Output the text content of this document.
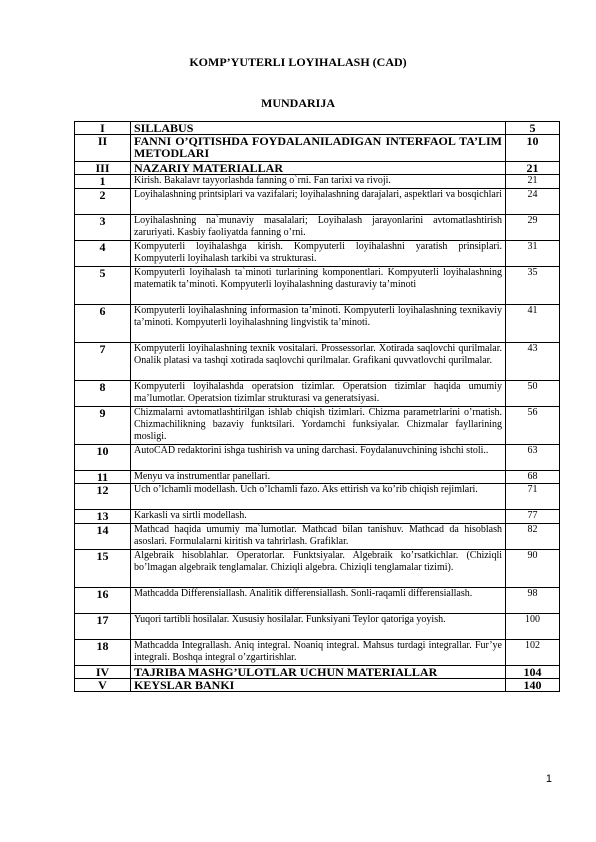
KOMP’YUTERLI LOYIHALASH (CAD)
MUNDARIJA
I	SILLABUS	5
II	FANNI O’QITISHDA FOYDALANILADIGAN INTERFAOL TA’LIM METODLARI	10
III	NAZARIY MATERIALLAR	21
1	Kirish. Bakalavr tayyorlashda fanning o`rni. Fan tarixi va rivoji.	21
2	Loyihalashning printsiplari va vazifalari; loyihalashning darajalari, aspektlari va bosqichlari	24
3	Loyihalashning na`munaviy masalalari; Loyihalash jarayonlarini avtomatlashtirish zaruriyati. Kasbiy faoliyatda fanning o’rni.	29
4	Kompyuterli loyihalashga kirish. Kompyuterli loyihalashni yaratish prinsiplari. Kompyuterli loyihalash tarkibi va strukturasi.	31
5	Kompyuterli loyihalash ta`minoti turlarining komponentlari. Kompyuterli loyihalashning matematik ta’minoti. Kompyuterli loyihalashning dasturaviy ta’minoti	35
6	Kompyuterli loyihalashning informasion ta’minoti. Kompyuterli loyihalashning texnikaviy ta’minoti. Kompyuterli loyihalashning lingvistik ta’minoti.	41
7	Kompyuterli loyihalashning texnik vositalari. Prossessorlar. Xotirada saqlovchi qurilmalar. Onalik platasi va tashqi xotirada saqlovchi qurilmalar. Grafikani quvvatlovchi qurilmalar.	43
8	Kompyuterli loyihalashda operatsion tizimlar. Operatsion tizimlar haqida umumiy ma’lumotlar. Operatsion tizimlar strukturasi va generatsiyasi.	50
9	Chizmalarni avtomatlashtirilgan ishlab chiqish tizimlari. Chizma parametrlarini o’rnatish. Chizmachilikning bazaviy funktsilari. Yordamchi funksiyalar. Chizmalar fayllarining mosligi.	56
10	AutoCAD redaktorini ishga tushirish va uning darchasi. Foydalanuvchining ishchi stoli..	63
11	Menyu va instrumentlar panellari.	68
12	Uch o’lchamli modellash. Uch o’lchamli fazo. Aks ettirish va ko’rib chiqish rejimlari.	71
13	Karkasli va sirtli modellash.	77
14	Mathcad haqida umumiy ma`lumotlar. Mathcad bilan tanishuv. Mathcad da hisoblash asoslari. Formulalarni kiritish va tahrirlash. Grafiklar.	82
15	Algebraik hisoblahlar. Operatorlar. Funktsiyalar. Algebraik ko’rsatkichlar. (Chiziqli bo’lmagan algebraik tenglamalar. Chiziqli algebra. Chiziqli tenglamalar tizimi).	90
16	Mathcadda Differensiallash. Analitik differensiallash. Sonli-raqamli differensiallash.	98
17	Yuqori tartibli hosilalar. Xususiy hosilalar. Funksiyani Teylor qatoriga yoyish.	100
18	Mathcadda Integrallash. Aniq integral. Noaniq integral. Mahsus turdagi integrallar. Fur’ye integrali. Boshqa integral o’zgartirishlar.	102
IV	TAJRIBA MASHG’ULOTLAR UCHUN MATERIALLAR	104
V	KEYSLAR BANKI	140
1
